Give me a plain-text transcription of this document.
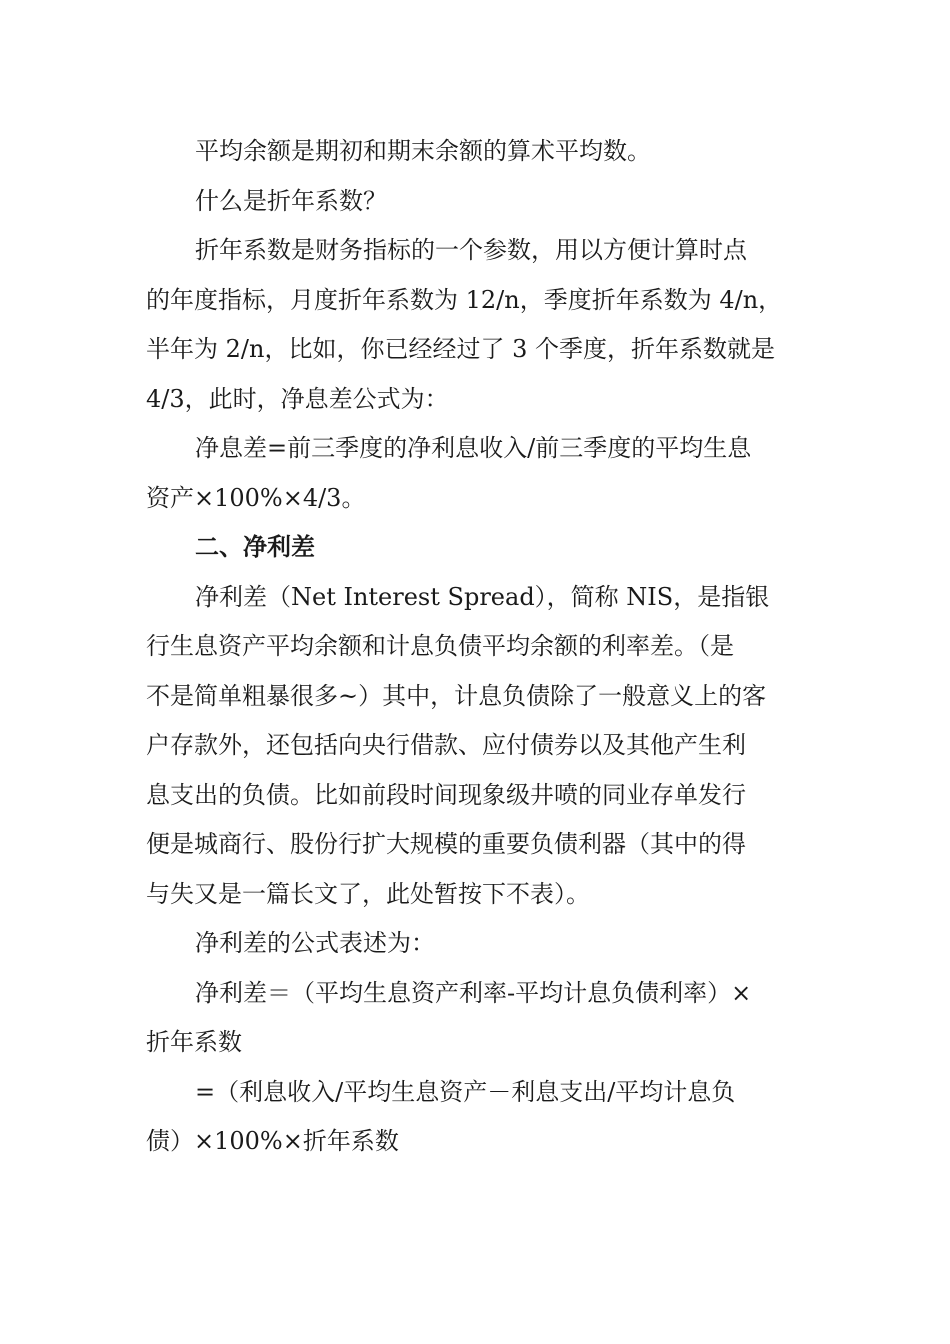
平均余额是期初和期末余额的算术平均数。

什么是折年系数？

折年系数是财务指标的一个参数，用以方便计算时点
的年度指标，月度折年系数为 12/n，季度折年系数为 4/n，
半年为 2/n，比如，你已经经过了 3 个季度，折年系数就是
4/3，此时，净息差公式为：

净息差=前三季度的净利息收入/前三季度的平均生息
资产×100%×4/3。

二、净利差

净利差（Net Interest Spread），简称 NIS，是指银
行生息资产平均余额和计息负债平均余额的利率差。（是
不是简单粗暴很多~）其中，计息负债除了一般意义上的客
户存款外，还包括向央行借款、应付债券以及其他产生利
息支出的负债。比如前段时间现象级井喷的同业存单发行
便是城商行、股份行扩大规模的重要负债利器（其中的得
与失又是一篇长文了，此处暂按下不表）。

净利差的公式表述为：

净利差＝（平均生息资产利率-平均计息负债利率）×
折年系数

=（利息收入/平均生息资产－利息支出/平均计息负
债）×100%×折年系数
